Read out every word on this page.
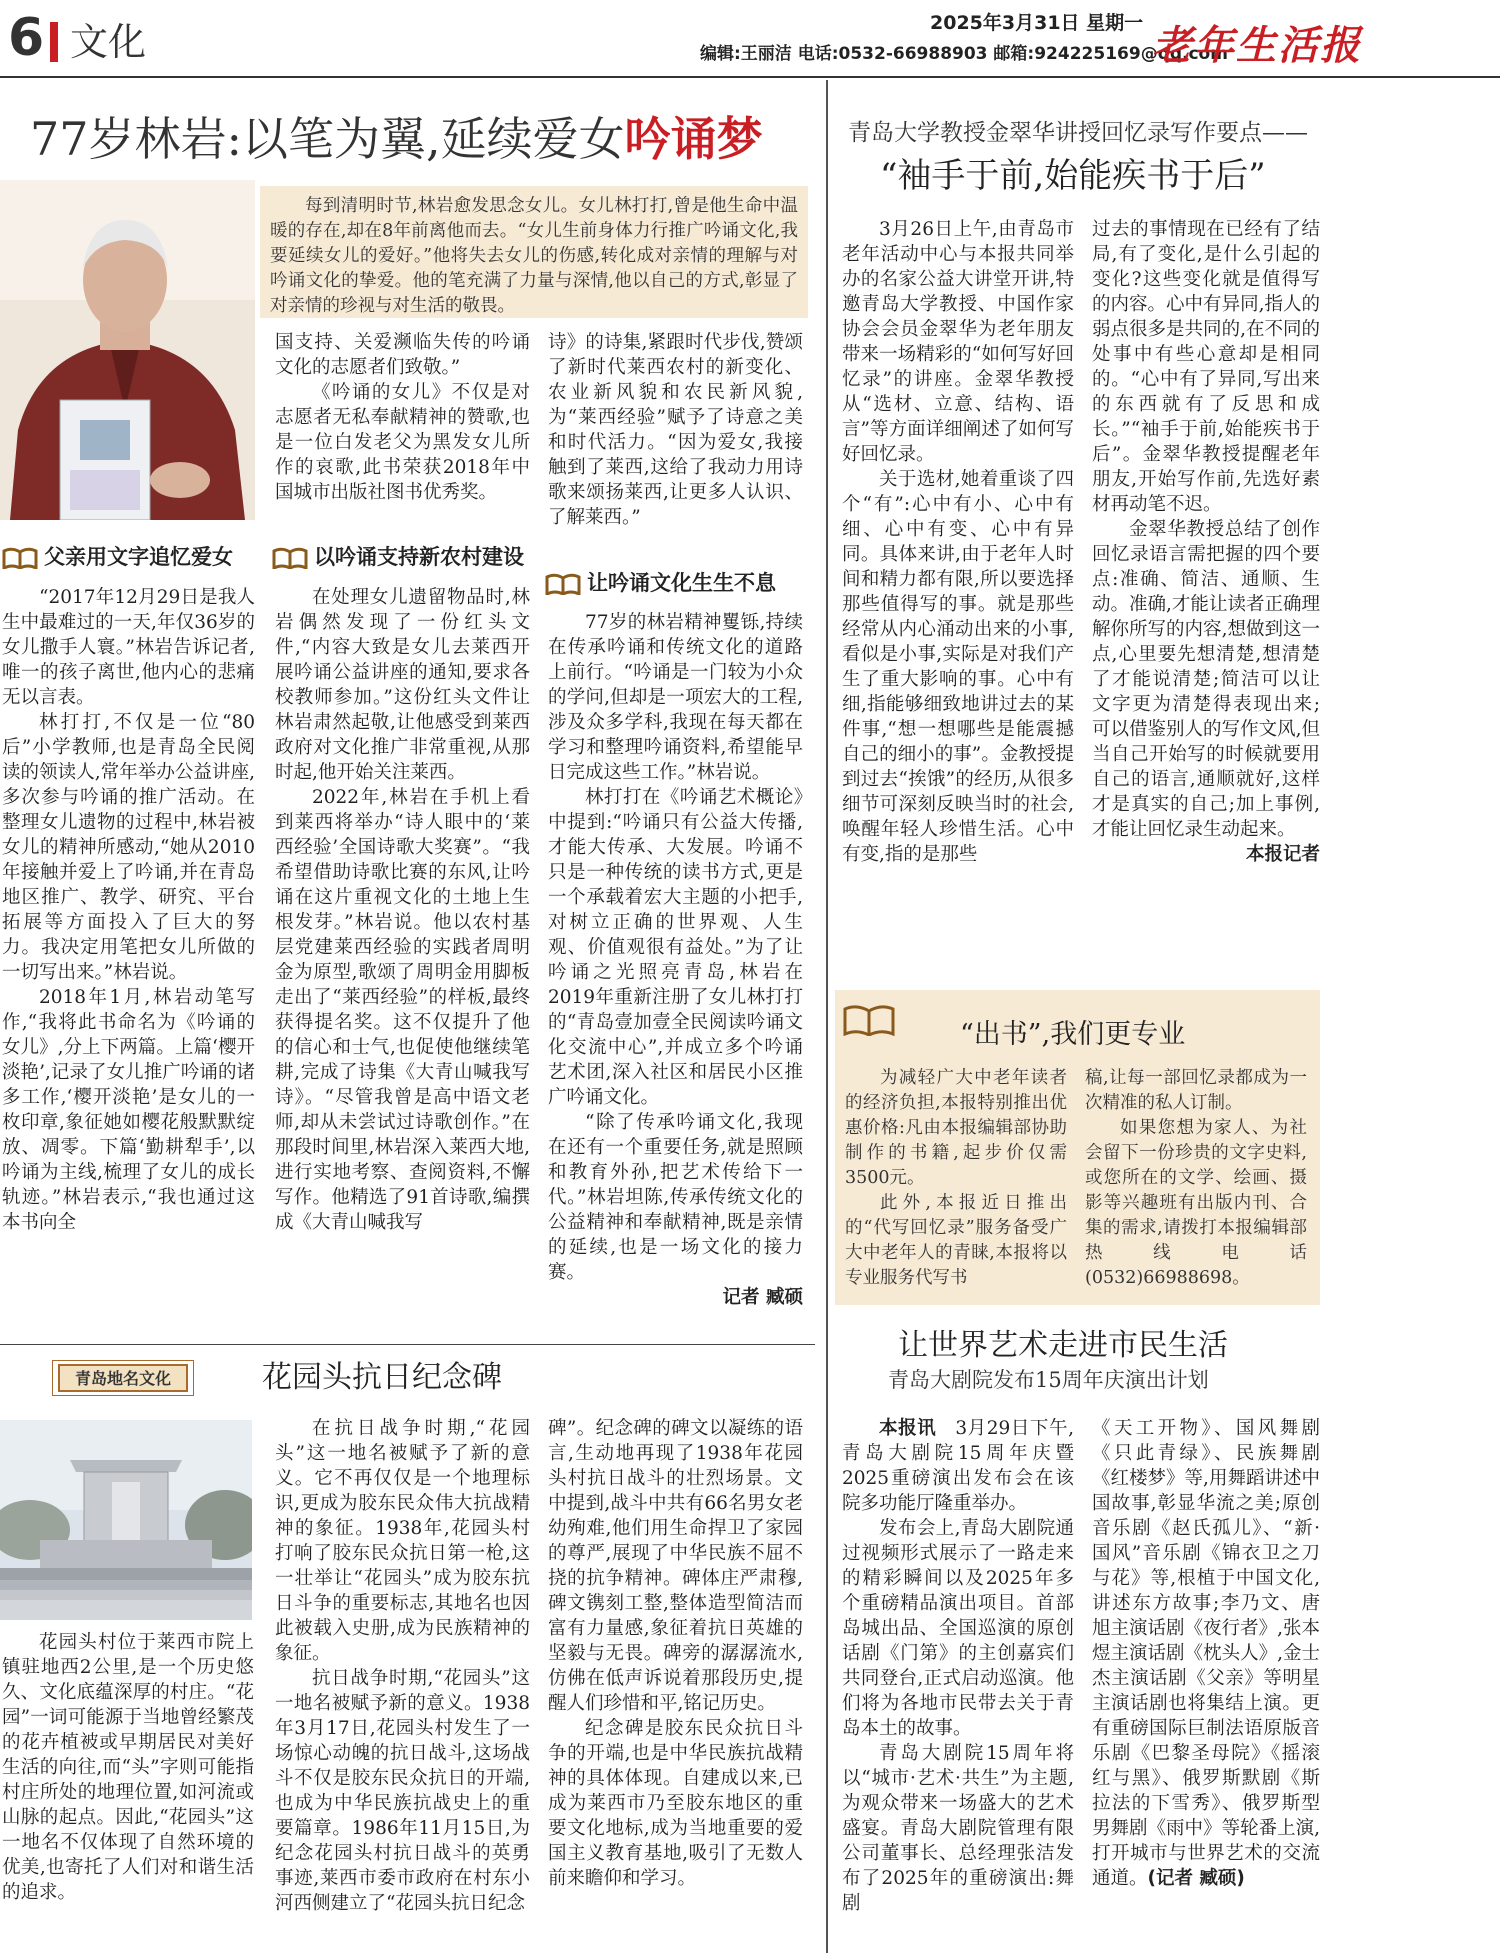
6 文化	2025年3月31日 星期一
编辑:王丽洁 电话:0532-66988903 邮箱:924225169@qq.com
老年生活报
77岁林岩:以笔为翼,延续爱女吟诵梦

每到清明时节,林岩愈发思念女儿。女儿林打打,曾是他生命中温暖的存在,却在8年前离他而去。“女儿生前身体力行推广吟诵文化,我要延续女儿的爱好。”他将失去女儿的伤感,转化成对亲情的理解与对吟诵文化的挚爱。他的笔充满了力量与深情,他以自己的方式,彰显了对亲情的珍视与对生活的敬畏。

国支持、关爱濒临失传的吟诵文化的志愿者们致敬。”

《吟诵的女儿》不仅是对志愿者无私奉献精神的赞歌,也是一位白发老父为黑发女儿所作的哀歌,此书荣获2018年中国城市出版社图书优秀奖。

诗》的诗集,紧跟时代步伐,赞颂了新时代莱西农村的新变化、农业新风貌和农民新风貌,为“莱西经验”赋予了诗意之美和时代活力。“因为爱女,我接触到了莱西,这给了我动力用诗歌来颂扬莱西,让更多人认识、了解莱西。”

父亲用文字追忆爱女	以吟诵支持新农村建设
让吟诵文化生生不息

“2017年12月29日是我人生中最难过的一天,年仅36岁的女儿撒手人寰。”林岩告诉记者,唯一的孩子离世,他内心的悲痛无以言表。

林打打,不仅是一位“80后”小学教师,也是青岛全民阅读的领读人,常年举办公益讲座,多次参与吟诵的推广活动。在整理女儿遗物的过程中,林岩被女儿的精神所感动,“她从2010年接触并爱上了吟诵,并在青岛地区推广、教学、研究、平台拓展等方面投入了巨大的努力。我决定用笔把女儿所做的一切写出来。”林岩说。

2018年1月,林岩动笔写作,“我将此书命名为《吟诵的女儿》,分上下两篇。上篇‘樱开淡艳’,记录了女儿推广吟诵的诸多工作,‘樱开淡艳’是女儿的一枚印章,象征她如樱花般默默绽放、凋零。下篇‘勤耕犁手’,以吟诵为主线,梳理了女儿的成长轨迹。”林岩表示,“我也通过这本书向全

在处理女儿遗留物品时,林岩偶然发现了一份红头文件,“内容大致是女儿去莱西开展吟诵公益讲座的通知,要求各校教师参加。”这份红头文件让林岩肃然起敬,让他感受到莱西政府对文化推广非常重视,从那时起,他开始关注莱西。

2022年,林岩在手机上看到莱西将举办“诗人眼中的‘莱西经验’全国诗歌大奖赛”。“我希望借助诗歌比赛的东风,让吟诵在这片重视文化的土地上生根发芽。”林岩说。他以农村基层党建莱西经验的实践者周明金为原型,歌颂了周明金用脚板走出了“莱西经验”的样板,最终获得提名奖。这不仅提升了他的信心和士气,也促使他继续笔耕,完成了诗集《大青山喊我写诗》。“尽管我曾是高中语文老师,却从未尝试过诗歌创作。”在那段时间里,林岩深入莱西大地,进行实地考察、查阅资料,不懈写作。他精选了91首诗歌,编撰成《大青山喊我写

77岁的林岩精神矍铄,持续在传承吟诵和传统文化的道路上前行。“吟诵是一门较为小众的学问,但却是一项宏大的工程,涉及众多学科,我现在每天都在学习和整理吟诵资料,希望能早日完成这些工作。”林岩说。

林打打在《吟诵艺术概论》中提到:“吟诵只有公益大传播,才能大传承、大发展。吟诵不只是一种传统的读书方式,更是一个承载着宏大主题的小把手,对树立正确的世界观、人生观、价值观很有益处。”为了让吟诵之光照亮青岛,林岩在2019年重新注册了女儿林打打的“青岛壹加壹全民阅读吟诵文化交流中心”,并成立多个吟诵艺术团,深入社区和居民小区推广吟诵文化。

“除了传承吟诵文化,我现在还有一个重要任务,就是照顾和教育外孙,把艺术传给下一代。”林岩坦陈,传承传统文化的公益精神和奉献精神,既是亲情的延续,也是一场文化的接力赛。

记者 臧硕

青岛大学教授金翠华讲授回忆录写作要点——
“袖手于前,始能疾书于后”

3月26日上午,由青岛市老年活动中心与本报共同举办的名家公益大讲堂开讲,特邀青岛大学教授、中国作家协会会员金翠华为老年朋友带来一场精彩的“如何写好回忆录”的讲座。金翠华教授从“选材、立意、结构、语言”等方面详细阐述了如何写好回忆录。

关于选材,她着重谈了四个“有”:心中有小、心中有细、心中有变、心中有异同。具体来讲,由于老年人时间和精力都有限,所以要选择那些值得写的事。就是那些经常从内心涌动出来的小事,看似是小事,实际是对我们产生了重大影响的事。心中有细,指能够细致地讲过去的某件事,“想一想哪些是能震撼自己的细小的事”。金教授提到过去“挨饿”的经历,从很多细节可深刻反映当时的社会,唤醒年轻人珍惜生活。心中有变,指的是那些

过去的事情现在已经有了结局,有了变化,是什么引起的变化?这些变化就是值得写的内容。心中有异同,指人的弱点很多是共同的,在不同的处事中有些心意却是相同的。“心中有了异同,写出来的东西就有了反思和成长。”“袖手于前,始能疾书于后”。金翠华教授提醒老年朋友,开始写作前,先选好素材再动笔不迟。

金翠华教授总结了创作回忆录语言需把握的四个要点:准确、简洁、通顺、生动。准确,才能让读者正确理解你所写的内容,想做到这一点,心里要先想清楚,想清楚了才能说清楚;简洁可以让文字更为清楚得表现出来;可以借鉴别人的写作文风,但当自己开始写的时候就要用自己的语言,通顺就好,这样才是真实的自己;加上事例,才能让回忆录生动起来。

本报记者

“出书”,我们更专业

为减轻广大中老年读者的经济负担,本报特别推出优惠价格:凡由本报编辑部协助制作的书籍,起步价仅需3500元。

此外,本报近日推出的“代写回忆录”服务备受广大中老年人的青睐,本报将以专业服务代写书

稿,让每一部回忆录都成为一次精准的私人订制。

如果您想为家人、为社会留下一份珍贵的文字史料,或您所在的文学、绘画、摄影等兴趣班有出版内刊、合集的需求,请拨打本报编辑部热线电话(0532)66988698。

让世界艺术走进市民生活
青岛大剧院发布15周年庆演出计划

本报讯　 3月29日下午,青岛大剧院15周年庆暨2025重磅演出发布会在该院多功能厅隆重举办。

发布会上,青岛大剧院通过视频形式展示了一路走来的精彩瞬间以及2025年多个重磅精品演出项目。首部岛城出品、全国巡演的原创话剧《门第》的主创嘉宾们共同登台,正式启动巡演。他们将为各地市民带去关于青岛本土的故事。

青岛大剧院15周年将以“城市·艺术·共生”为主题,为观众带来一场盛大的艺术盛宴。青岛大剧院管理有限公司董事长、总经理张洁发布了2025年的重磅演出:舞剧

《天工开物》、国风舞剧《只此青绿》、民族舞剧《红楼梦》等,用舞蹈讲述中国故事,彰显华流之美;原创音乐剧《赵氏孤儿》、“新·国风”音乐剧《锦衣卫之刀与花》等,根植于中国文化,讲述东方故事;李乃文、唐旭主演话剧《夜行者》,张本煜主演话剧《枕头人》,金士杰主演话剧《父亲》等明星主演话剧也将集结上演。更有重磅国际巨制法语原版音乐剧《巴黎圣母院》《摇滚红与黑》、俄罗斯默剧《斯拉法的下雪秀》、俄罗斯型男舞剧《雨中》等轮番上演,打开城市与世界艺术的交流通道。(记者 臧硕)

青岛地名文化	花园头抗日纪念碑

花园头村位于莱西市院上镇驻地西2公里,是一个历史悠久、文化底蕴深厚的村庄。“花园”一词可能源于当地曾经繁茂的花卉植被或早期居民对美好生活的向往,而“头”字则可能指村庄所处的地理位置,如河流或山脉的起点。因此,“花园头”这一地名不仅体现了自然环境的优美,也寄托了人们对和谐生活的追求。

在抗日战争时期,“花园头”这一地名被赋予了新的意义。它不再仅仅是一个地理标识,更成为胶东民众伟大抗战精神的象征。1938年,花园头村打响了胶东民众抗日第一枪,这一壮举让“花园头”成为胶东抗日斗争的重要标志,其地名也因此被载入史册,成为民族精神的象征。

抗日战争时期,“花园头”这一地名被赋予新的意义。1938年3月17日,花园头村发生了一场惊心动魄的抗日战斗,这场战斗不仅是胶东民众抗日的开端,也成为中华民族抗战史上的重要篇章。1986年11月15日,为纪念花园头村抗日战斗的英勇事迹,莱西市委市政府在村东小河西侧建立了“花园头抗日纪念

碑”。纪念碑的碑文以凝练的语言,生动地再现了1938年花园头村抗日战斗的壮烈场景。文中提到,战斗中共有66名男女老幼殉难,他们用生命捍卫了家园的尊严,展现了中华民族不屈不挠的抗争精神。碑体庄严肃穆,碑文镌刻工整,整体造型简洁而富有力量感,象征着抗日英雄的坚毅与无畏。碑旁的潺潺流水,仿佛在低声诉说着那段历史,提醒人们珍惜和平,铭记历史。

纪念碑是胶东民众抗日斗争的开端,也是中华民族抗战精神的具体体现。自建成以来,已成为莱西市乃至胶东地区的重要文化地标,成为当地重要的爱国主义教育基地,吸引了无数人前来瞻仰和学习。
